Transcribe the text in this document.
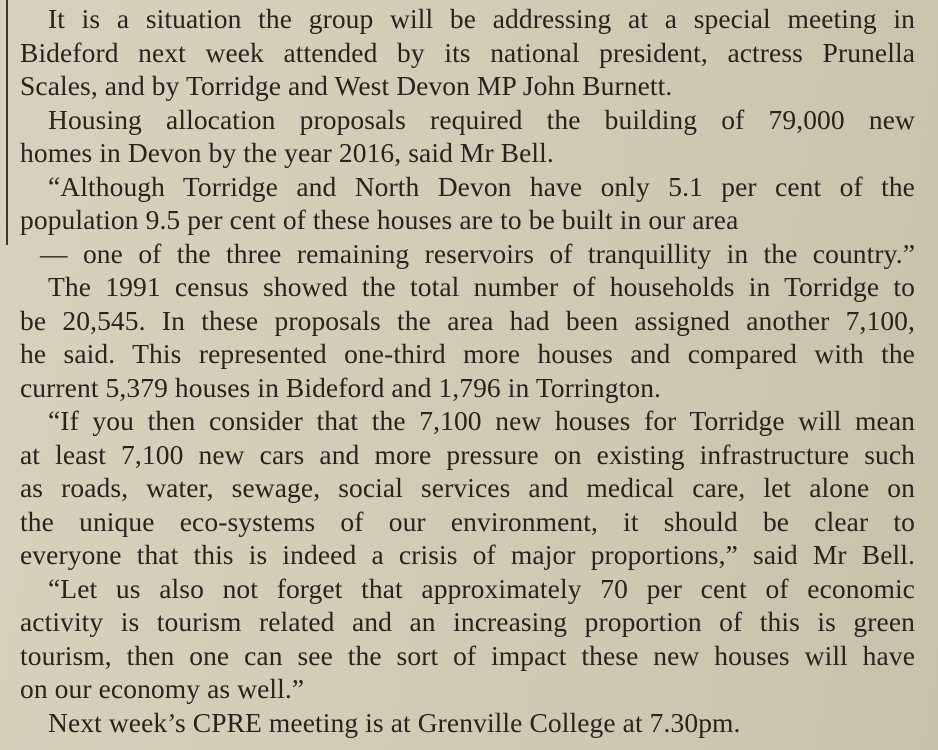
It is a situation the group will be addressing at a special meeting in
Bideford next week attended by its national president, actress Prunella
Scales, and by Torridge and West Devon MP John Burnett.
Housing allocation proposals required the building of 79,000 new
homes in Devon by the year 2016, said Mr Bell.
“Although Torridge and North Devon have only 5.1 per cent of the
population 9.5 per cent of these houses are to be built in our area
— one of the three remaining reservoirs of tranquillity in the country.”
The 1991 census showed the total number of households in Torridge to
be 20,545. In these proposals the area had been assigned another 7,100,
he said. This represented one-third more houses and compared with the
current 5,379 houses in Bideford and 1,796 in Torrington.
“If you then consider that the 7,100 new houses for Torridge will mean
at least 7,100 new cars and more pressure on existing infrastructure such
as roads, water, sewage, social services and medical care, let alone on
the unique eco-systems of our environment, it should be clear to
everyone that this is indeed a crisis of major proportions,” said Mr Bell.
“Let us also not forget that approximately 70 per cent of economic
activity is tourism related and an increasing proportion of this is green
tourism, then one can see the sort of impact these new houses will have
on our economy as well.”
Next week’s CPRE meeting is at Grenville College at 7.30pm.
